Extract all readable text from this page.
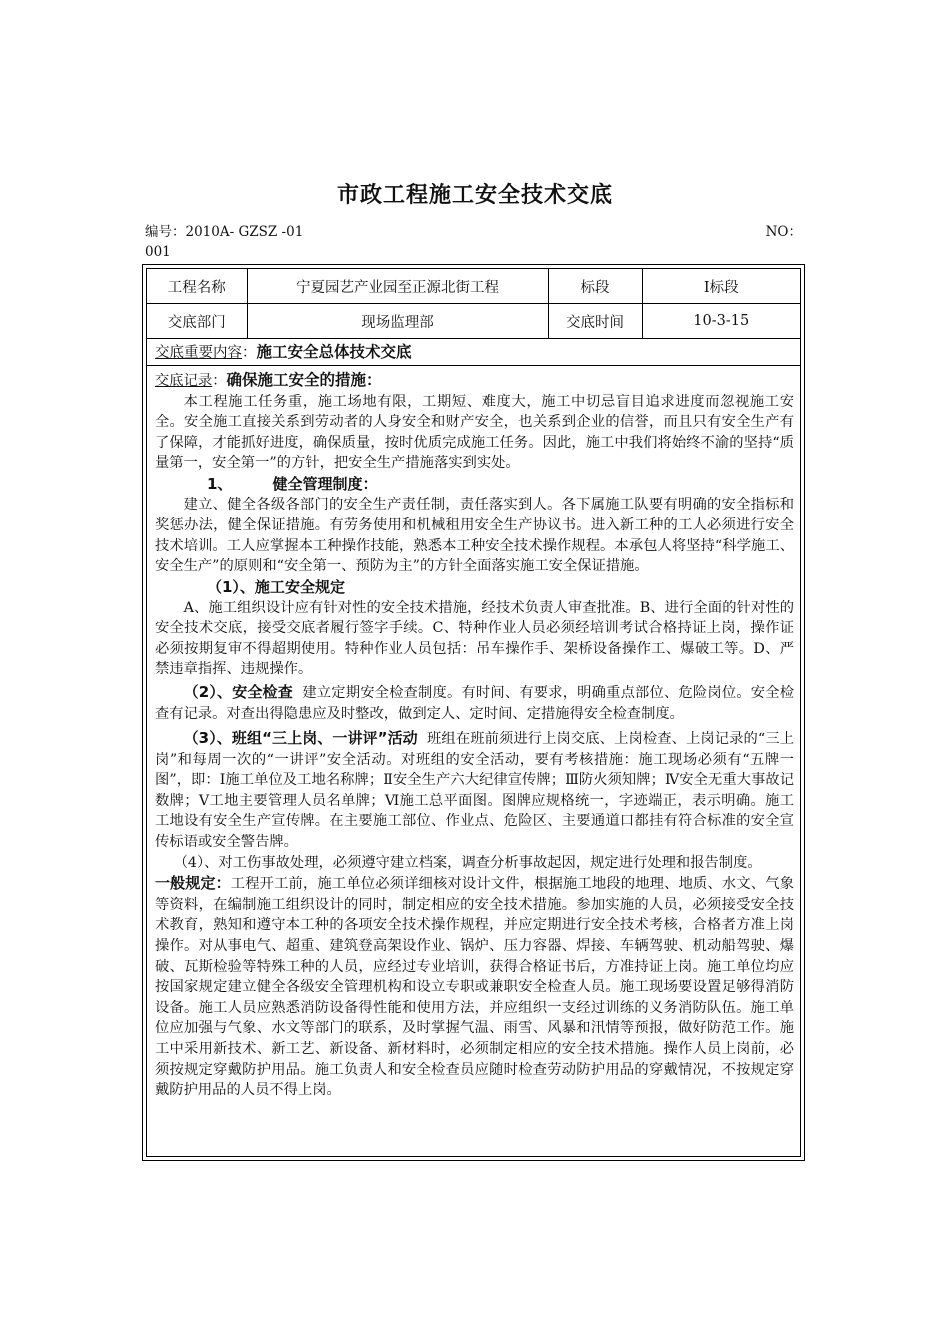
市政工程施工安全技术交底
编号：2010A- GZSZ -01	NO：
001
工程名称	宁夏园艺产业园至正源北街工程	标段	Ⅰ标段
交底部门	现场监理部	交底时间	10-3-15
交底重要内容：施工安全总体技术交底

交底记录：确保施工安全的措施：

本工程施工任务重，施工场地有限，工期短、难度大，施工中切忌盲目追求进度而忽视施工安全。安全施工直接关系到劳动者的人身安全和财产安全，也关系到企业的信誉，而且只有安全生产有了保障，才能抓好进度，确保质量，按时优质完成施工任务。因此，施工中我们将始终不渝的坚持“质量第一，安全第一”的方针，把安全生产措施落实到实处。

1、	健全管理制度：

建立、健全各级各部门的安全生产责任制，责任落实到人。各下属施工队要有明确的安全指标和奖惩办法，健全保证措施。有劳务使用和机械租用安全生产协议书。进入新工种的工人必须进行安全技术培训。工人应掌握本工种操作技能，熟悉本工种安全技术操作规程。本承包人将坚持“科学施工、安全生产”的原则和“安全第一、预防为主”的方针全面落实施工安全保证措施。

（1）、施工安全规定

A、施工组织设计应有针对性的安全技术措施，经技术负责人审查批准。B、进行全面的针对性的安全技术交底，接受交底者履行签字手续。C、特种作业人员必须经培训考试合格持证上岗，操作证必须按期复审不得超期使用。特种作业人员包括：吊车操作手、架桥设备操作工、爆破工等。D、严禁违章指挥、违规操作。

（2）、安全检查 建立定期安全检查制度。有时间、有要求，明确重点部位、危险岗位。安全检查有记录。对查出得隐患应及时整改，做到定人、定时间、定措施得安全检查制度。

（3）、班组“三上岗、一讲评”活动 班组在班前须进行上岗交底、上岗检查、上岗记录的“三上岗”和每周一次的“一讲评”安全活动。对班组的安全活动，要有考核措施：施工现场必须有“五牌一图”，即：Ⅰ施工单位及工地名称牌；Ⅱ安全生产六大纪律宣传牌；Ⅲ防火须知牌；Ⅳ安全无重大事故记数牌；Ⅴ工地主要管理人员名单牌；Ⅵ施工总平面图。图牌应规格统一，字迹端正，表示明确。施工工地设有安全生产宣传牌。在主要施工部位、作业点、危险区、主要通道口都挂有符合标准的安全宣传标语或安全警告牌。

（4）、对工伤事故处理，必须遵守建立档案，调查分析事故起因，规定进行处理和报告制度。

一般规定：工程开工前，施工单位必须详细核对设计文件，根据施工地段的地理、地质、水文、气象等资料，在编制施工组织设计的同时，制定相应的安全技术措施。参加实施的人员，必须接受安全技术教育，熟知和遵守本工种的各项安全技术操作规程，并应定期进行安全技术考核，合格者方准上岗操作。对从事电气、超重、建筑登高架设作业、锅炉、压力容器、焊接、车辆驾驶、机动船驾驶、爆破、瓦斯检验等特殊工种的人员，应经过专业培训，获得合格证书后，方准持证上岗。施工单位均应按国家规定建立健全各级安全管理机构和设立专职或兼职安全检查人员。施工现场要设置足够得消防设备。施工人员应熟悉消防设备得性能和使用方法，并应组织一支经过训练的义务消防队伍。施工单位应加强与气象、水文等部门的联系，及时掌握气温、雨雪、风暴和汛情等预报，做好防范工作。施工中采用新技术、新工艺、新设备、新材料时，必须制定相应的安全技术措施。操作人员上岗前，必须按规定穿戴防护用品。施工负责人和安全检查员应随时检查劳动防护用品的穿戴情况，不按规定穿戴防护用品的人员不得上岗。
